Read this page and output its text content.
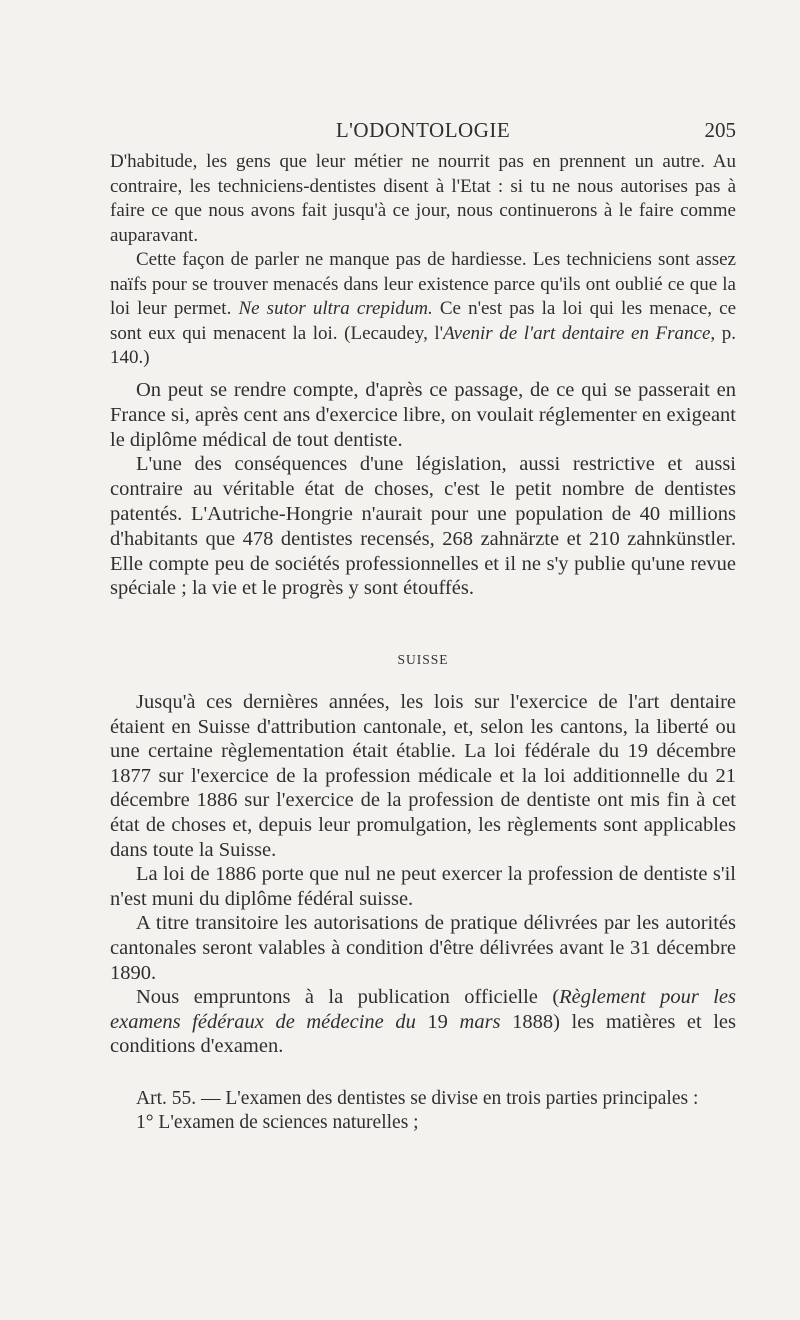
L'ODONTOLOGIE	205

D'habitude, les gens que leur métier ne nourrit pas en prennent un autre. Au contraire, les techniciens-dentistes disent à l'Etat : si tu ne nous autorises pas à faire ce que nous avons fait jusqu'à ce jour, nous continuerons à le faire comme auparavant.

Cette façon de parler ne manque pas de hardiesse. Les techniciens sont assez naïfs pour se trouver menacés dans leur existence parce qu'ils ont oublié ce que la loi leur permet. Ne sutor ultra crepidum. Ce n'est pas la loi qui les menace, ce sont eux qui menacent la loi. (Lecaudey, l'Avenir de l'art dentaire en France, p. 140.)

On peut se rendre compte, d'après ce passage, de ce qui se passerait en France si, après cent ans d'exercice libre, on voulait réglementer en exigeant le diplôme médical de tout dentiste.

L'une des conséquences d'une législation, aussi restrictive et aussi contraire au véritable état de choses, c'est le petit nombre de dentistes patentés. L'Autriche-Hongrie n'aurait pour une population de 40 millions d'habitants que 478 dentistes recensés, 268 zahnärzte et 210 zahnkünstler. Elle compte peu de sociétés professionnelles et il ne s'y publie qu'une revue spéciale ; la vie et le progrès y sont étouffés.

SUISSE

Jusqu'à ces dernières années, les lois sur l'exercice de l'art dentaire étaient en Suisse d'attribution cantonale, et, selon les cantons, la liberté ou une certaine règlementation était établie. La loi fédérale du 19 décembre 1877 sur l'exercice de la profession médicale et la loi additionnelle du 21 décembre 1886 sur l'exercice de la profession de dentiste ont mis fin à cet état de choses et, depuis leur promulgation, les règlements sont applicables dans toute la Suisse.

La loi de 1886 porte que nul ne peut exercer la profession de dentiste s'il n'est muni du diplôme fédéral suisse.

A titre transitoire les autorisations de pratique délivrées par les autorités cantonales seront valables à condition d'être délivrées avant le 31 décembre 1890.

Nous empruntons à la publication officielle (Règlement pour les examens fédéraux de médecine du 19 mars 1888) les matières et les conditions d'examen.

Art. 55. — L'examen des dentistes se divise en trois parties principales :

1° L'examen de sciences naturelles ;
